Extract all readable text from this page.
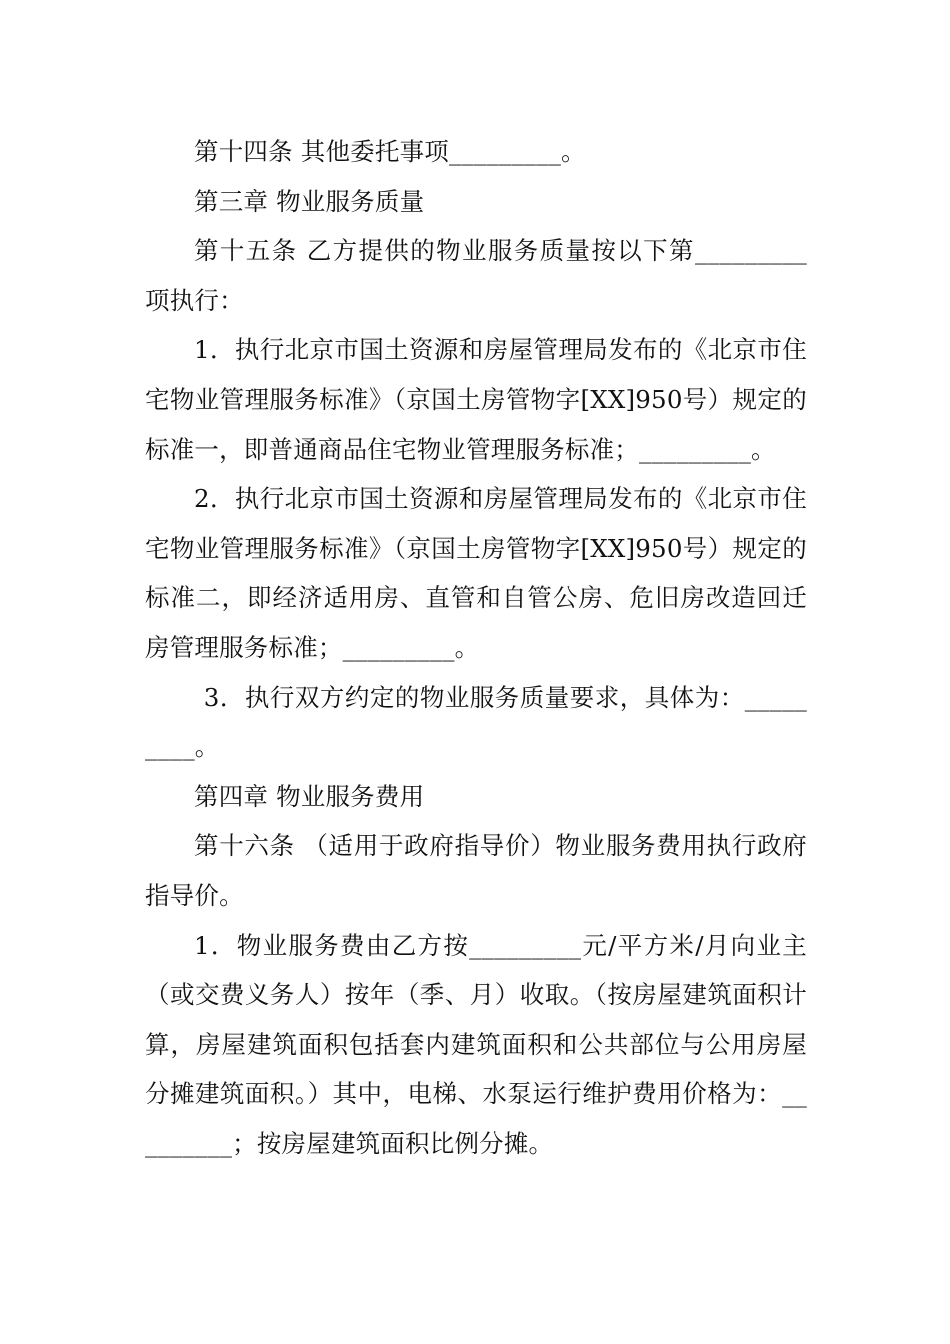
第十四条 其他委托事项_________。

第三章 物业服务质量

第十五条 乙方提供的物业服务质量按以下第_________项执行：

1．执行北京市国土资源和房屋管理局发布的《北京市住宅物业管理服务标准》（京国土房管物字[XX]950号）规定的标准一，即普通商品住宅物业管理服务标准；_________。

2．执行北京市国土资源和房屋管理局发布的《北京市住宅物业管理服务标准》（京国土房管物字[XX]950号）规定的标准二，即经济适用房、直管和自管公房、危旧房改造回迁房管理服务标准；_________。

3．执行双方约定的物业服务质量要求，具体为：_________。

第四章 物业服务费用

第十六条 （适用于政府指导价）物业服务费用执行政府指导价。

1．物业服务费由乙方按_________元/平方米/月向业主（或交费义务人）按年（季、月）收取。（按房屋建筑面积计算，房屋建筑面积包括套内建筑面积和公共部位与公用房屋分摊建筑面积。）其中，电梯、水泵运行维护费用价格为：_________；按房屋建筑面积比例分摊。
